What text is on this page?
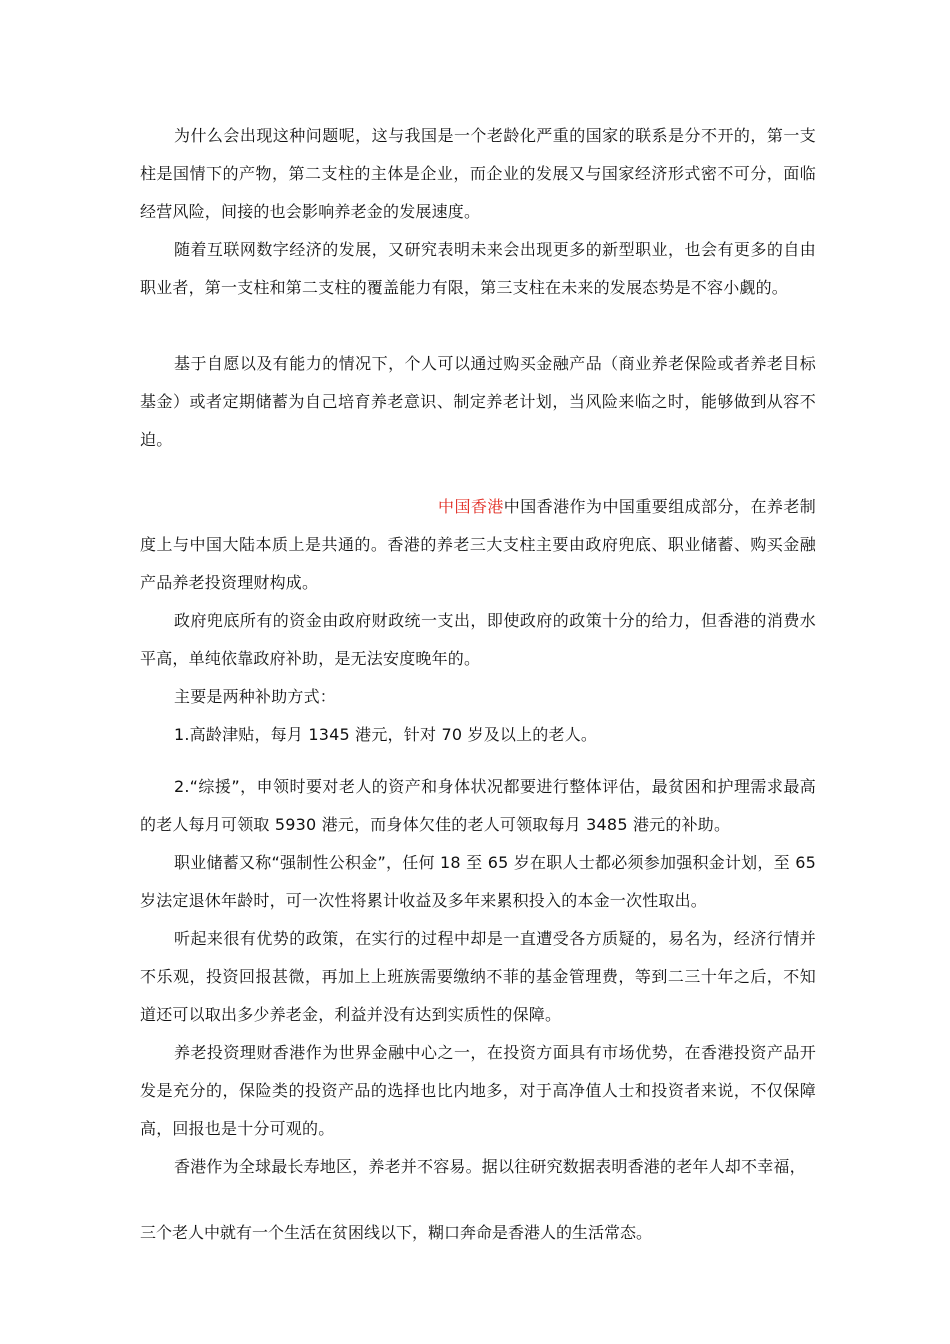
为什么会出现这种问题呢，这与我国是一个老龄化严重的国家的联系是分不开的，第一支柱是国情下的产物，第二支柱的主体是企业，而企业的发展又与国家经济形式密不可分，面临经营风险，间接的也会影响养老金的发展速度。

随着互联网数字经济的发展，又研究表明未来会出现更多的新型职业，也会有更多的自由职业者，第一支柱和第二支柱的覆盖能力有限，第三支柱在未来的发展态势是不容小觑的。

基于自愿以及有能力的情况下，个人可以通过购买金融产品（商业养老保险或者养老目标基金）或者定期储蓄为自己培育养老意识、制定养老计划，当风险来临之时，能够做到从容不迫。

中国香港中国香港作为中国重要组成部分，在养老制度上与中国大陆本质上是共通的。香港的养老三大支柱主要由政府兜底、职业储蓄、购买金融产品养老投资理财构成。

政府兜底所有的资金由政府财政统一支出，即使政府的政策十分的给力，但香港的消费水平高，单纯依靠政府补助，是无法安度晚年的。

主要是两种补助方式：

1.高龄津贴，每月 1345 港元，针对 70 岁及以上的老人。

2.“综援”，申领时要对老人的资产和身体状况都要进行整体评估，最贫困和护理需求最高的老人每月可领取 5930 港元，而身体欠佳的老人可领取每月 3485 港元的补助。

职业储蓄又称“强制性公积金”，任何 18 至 65 岁在职人士都必须参加强积金计划，至 65 岁法定退休年龄时，可一次性将累计收益及多年来累积投入的本金一次性取出。

听起来很有优势的政策，在实行的过程中却是一直遭受各方质疑的，易名为，经济行情并不乐观，投资回报甚微，再加上上班族需要缴纳不菲的基金管理费，等到二三十年之后，不知道还可以取出多少养老金，利益并没有达到实质性的保障。

养老投资理财香港作为世界金融中心之一，在投资方面具有市场优势，在香港投资产品开发是充分的，保险类的投资产品的选择也比内地多，对于高净值人士和投资者来说，不仅保障高，回报也是十分可观的。

香港作为全球最长寿地区，养老并不容易。据以往研究数据表明香港的老年人却不幸福，

三个老人中就有一个生活在贫困线以下，糊口奔命是香港人的生活常态。
